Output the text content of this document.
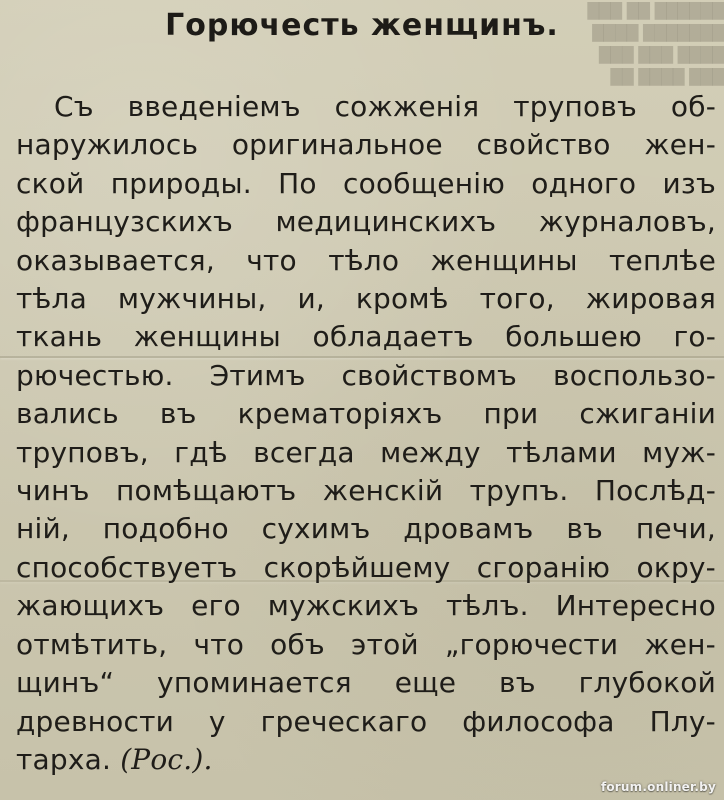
██████ ██ ███
███████ ████
████ ███ ███
███ ████ ██
Горючесть женщинъ.
Съ введеніемъ сожженія труповъ об-
наружилось оригинальное свойство жен-
ской природы. По сообщенію одного изъ
французскихъ медицинскихъ журналовъ,
оказывается, что тѣло женщины теплѣе
тѣла мужчины, и, кромѣ того, жировая
ткань женщины обладаетъ большею го-
рючестью. Этимъ свойствомъ воспользо-
вались въ крематоріяхъ при сжиганіи
труповъ, гдѣ всегда между тѣлами муж-
чинъ помѣщаютъ женскій трупъ. Послѣд-
ній, подобно сухимъ дровамъ въ печи,
способствуетъ скорѣйшему сгоранію окру-
жающихъ его мужскихъ тѣлъ. Интересно
отмѣтить, что объ этой „горючести жен-
щинъ“ упоминается еще въ глубокой
древности у греческаго философа Плу-
тарха. (Рос.).
forum.onliner.by
